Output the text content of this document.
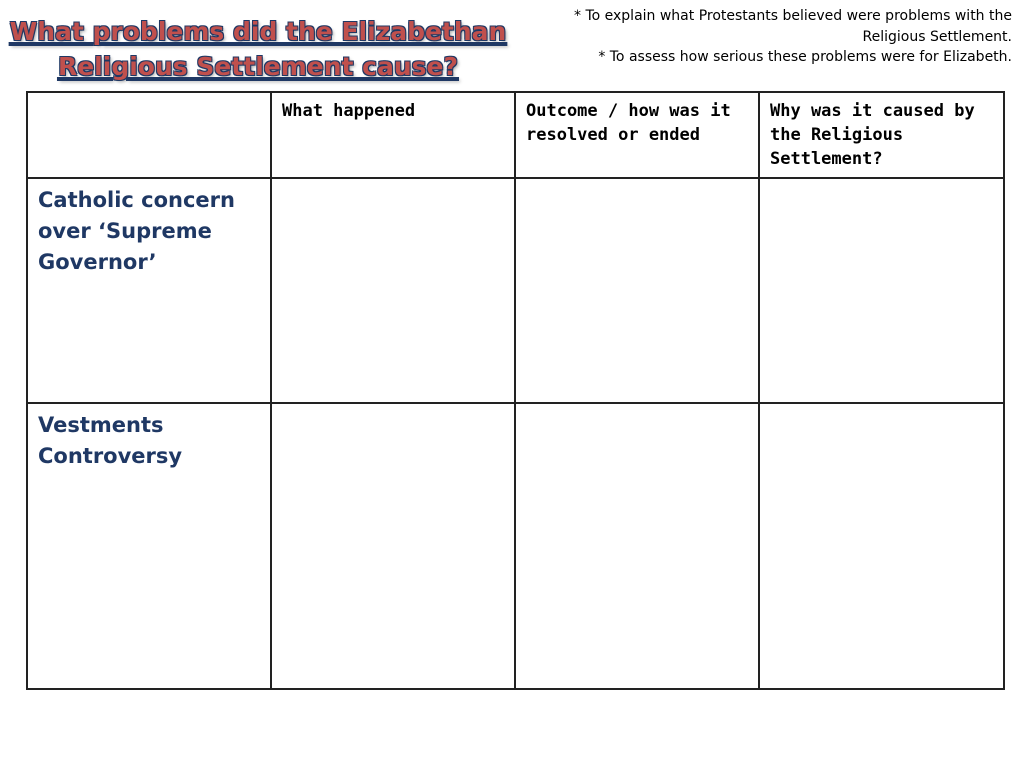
What problems did the Elizabethan
Religious Settlement cause?
* To explain what Protestants believed were problems with the
Religious Settlement.
* To assess how serious these problems were for Elizabeth.
	What happened	Outcome / how was it resolved or ended	Why was it caused by the Religious Settlement?
Catholic concern over ‘Supreme Governor’			
Vestments Controversy			
